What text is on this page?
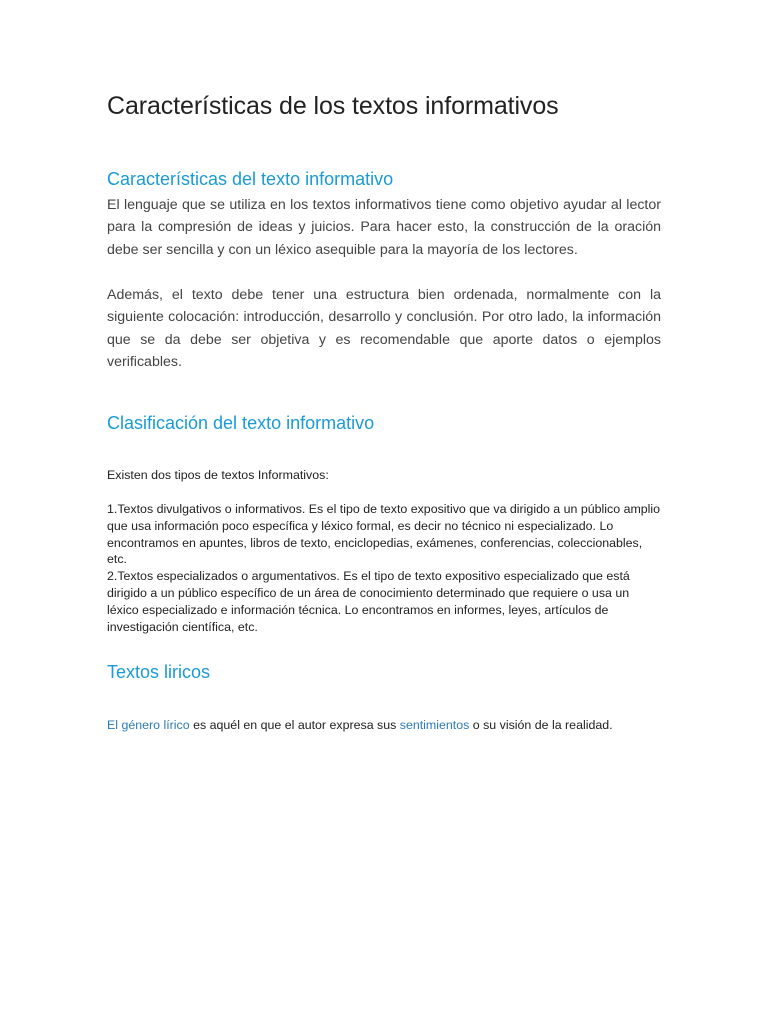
Características de los textos informativos
Características del texto informativo

El lenguaje que se utiliza en los textos informativos tiene como objetivo ayudar al lector para la compresión de ideas y juicios. Para hacer esto, la construcción de la oración debe ser sencilla y con un léxico asequible para la mayoría de los lectores.

Además, el texto debe tener una estructura bien ordenada, normalmente con la siguiente colocación: introducción, desarrollo y conclusión. Por otro lado, la información que se da debe ser objetiva y es recomendable que aporte datos o ejemplos verificables.

Clasificación del texto informativo

Existen dos tipos de textos Informativos:

1.Textos divulgativos o informativos. Es el tipo de texto expositivo que va dirigido a un público amplio que usa información poco específica y léxico formal, es decir no técnico ni especializado. Lo encontramos en apuntes, libros de texto, enciclopedias, exámenes, conferencias, coleccionables, etc.

2.Textos especializados o argumentativos. Es el tipo de texto expositivo especializado que está dirigido a un público específico de un área de conocimiento determinado que requiere o usa un léxico especializado e información técnica. Lo encontramos en informes, leyes, artículos de investigación científica, etc.

Textos liricos

El género lírico es aquél en que el autor expresa sus sentimientos o su visión de la realidad.
